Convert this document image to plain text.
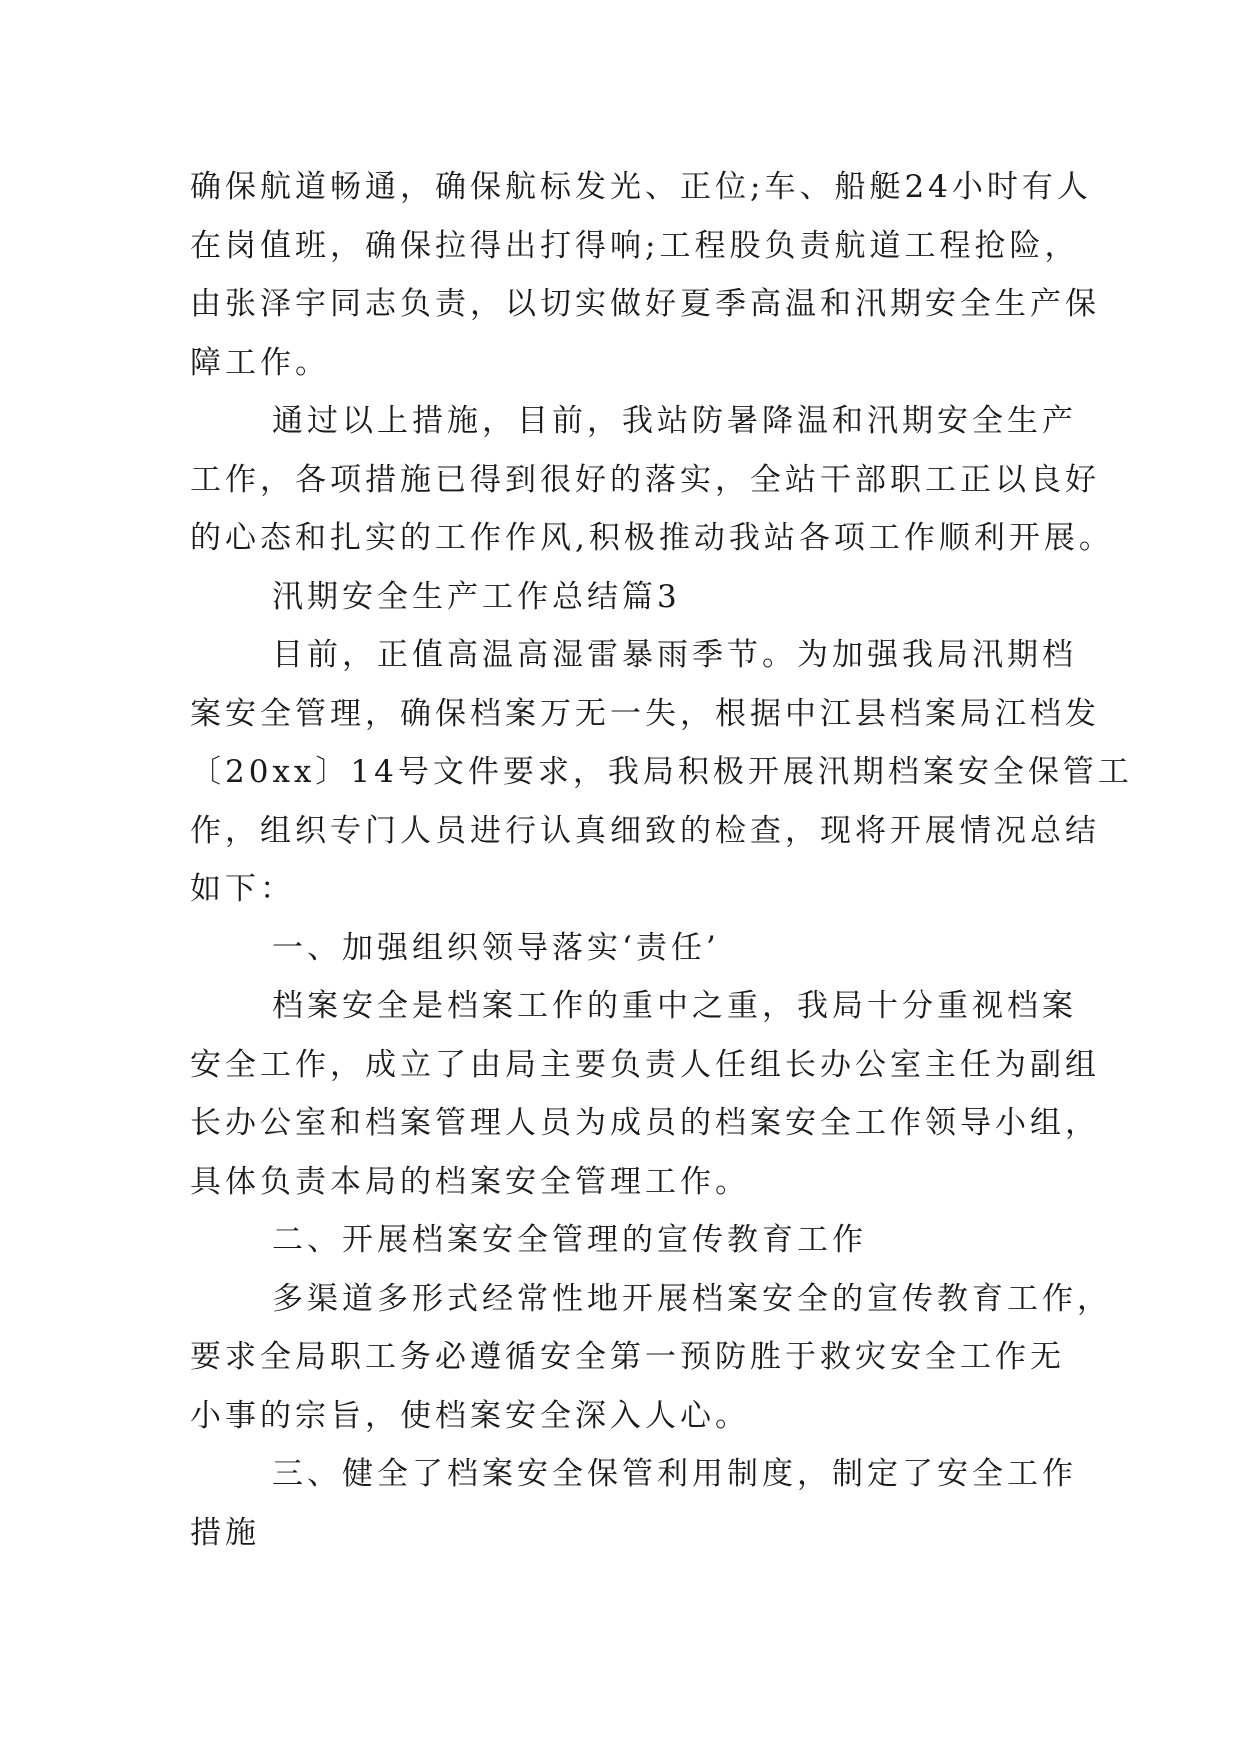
确保航道畅通，确保航标发光、正位;车、船艇24小时有人
在岗值班，确保拉得出打得响;工程股负责航道工程抢险，
由张泽宇同志负责，以切实做好夏季高温和汛期安全生产保
障工作。

通过以上措施，目前，我站防暑降温和汛期安全生产
工作，各项措施已得到很好的落实，全站干部职工正以良好
的心态和扎实的工作作风,积极推动我站各项工作顺利开展。

汛期安全生产工作总结篇3

目前，正值高温高湿雷暴雨季节。为加强我局汛期档
案安全管理，确保档案万无一失，根据中江县档案局江档发
〔20xx〕14号文件要求，我局积极开展汛期档案安全保管工
作，组织专门人员进行认真细致的检查，现将开展情况总结
如下：

一、加强组织领导落实‘责任’

档案安全是档案工作的重中之重，我局十分重视档案
安全工作，成立了由局主要负责人任组长办公室主任为副组
长办公室和档案管理人员为成员的档案安全工作领导小组，
具体负责本局的档案安全管理工作。

二、开展档案安全管理的宣传教育工作

多渠道多形式经常性地开展档案安全的宣传教育工作，
要求全局职工务必遵循安全第一预防胜于救灾安全工作无
小事的宗旨，使档案安全深入人心。

三、健全了档案安全保管利用制度，制定了安全工作
措施
